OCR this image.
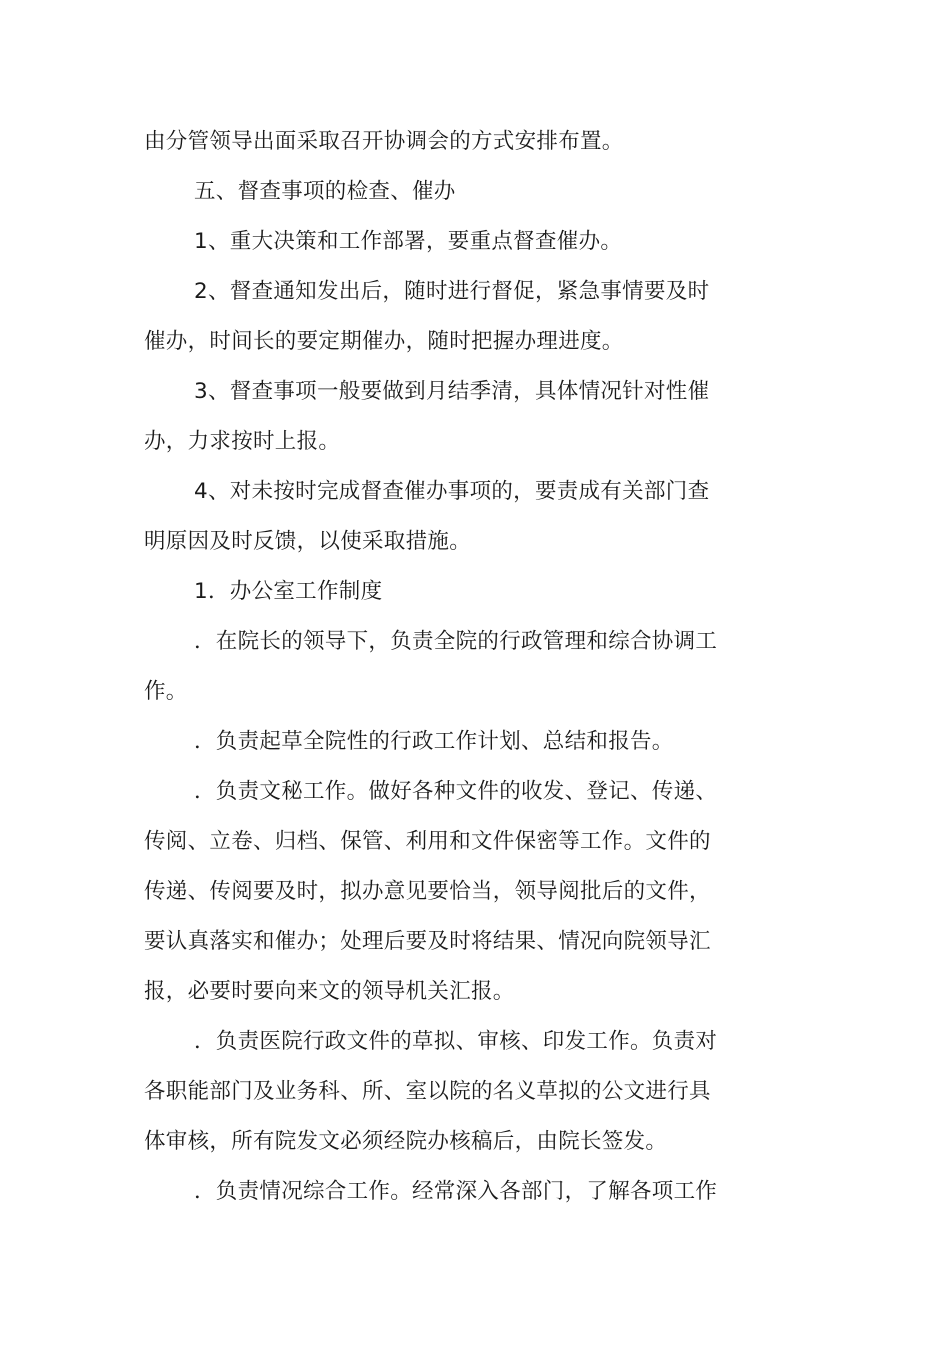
由分管领导出面采取召开协调会的方式安排布置。
五、督查事项的检查、催办
1、重大决策和工作部署，要重点督查催办。
2、督查通知发出后，随时进行督促，紧急事情要及时
催办，时间长的要定期催办，随时把握办理进度。
3、督查事项一般要做到月结季清，具体情况针对性催
办，力求按时上报。
4、对未按时完成督查催办事项的，要责成有关部门查
明原因及时反馈，以使采取措施。
1．办公室工作制度
．在院长的领导下，负责全院的行政管理和综合协调工
作。
．负责起草全院性的行政工作计划、总结和报告。
．负责文秘工作。做好各种文件的收发、登记、传递、
传阅、立卷、归档、保管、利用和文件保密等工作。文件的
传递、传阅要及时，拟办意见要恰当，领导阅批后的文件，
要认真落实和催办；处理后要及时将结果、情况向院领导汇
报，必要时要向来文的领导机关汇报。
．负责医院行政文件的草拟、审核、印发工作。负责对
各职能部门及业务科、所、室以院的名义草拟的公文进行具
体审核，所有院发文必须经院办核稿后，由院长签发。
．负责情况综合工作。经常深入各部门，了解各项工作
